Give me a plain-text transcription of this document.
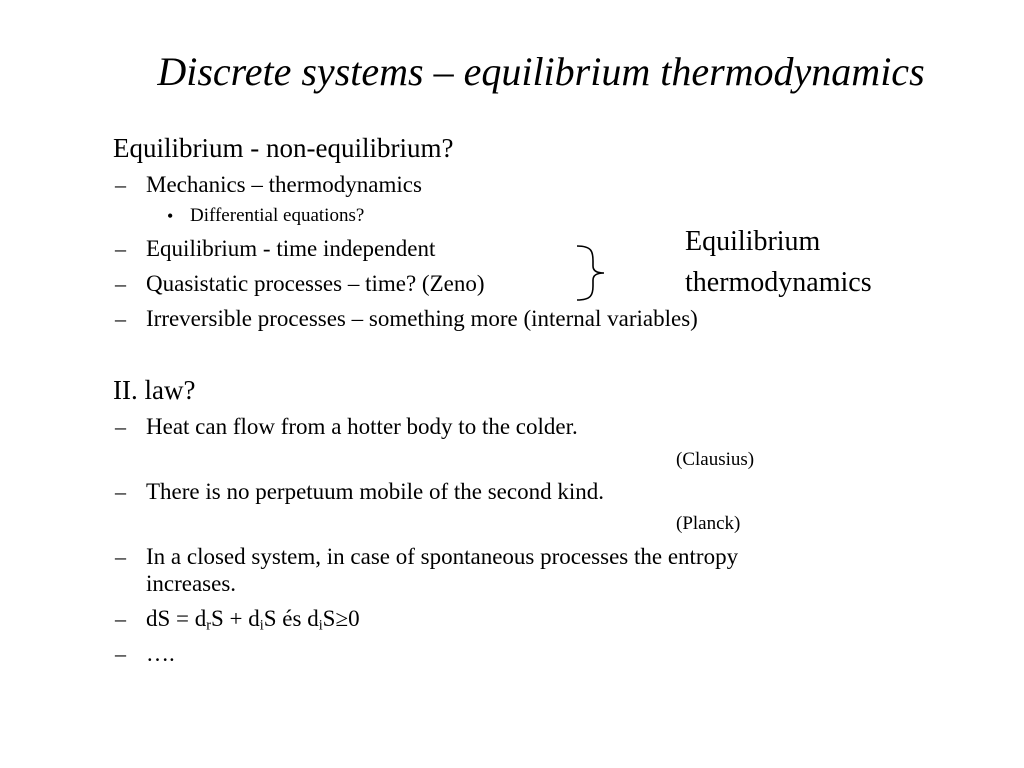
Discrete systems – equilibrium thermodynamics
Equilibrium - non-equilibrium?
– Mechanics – thermodynamics
• Differential equations?
– Equilibrium - time independent
– Quasistatic processes – time? (Zeno)
– Irreversible processes – something more (internal variables)
Equilibrium
thermodynamics
II. law?
– Heat can flow from a hotter body to the colder.
(Clausius)
– There is no perpetuum mobile of the second kind.
(Planck)
– In a closed system, in case of spontaneous processes the entropy
increases.
– dS = $d_rS + d_iS$ és $d_iS\ge 0$
– ….
